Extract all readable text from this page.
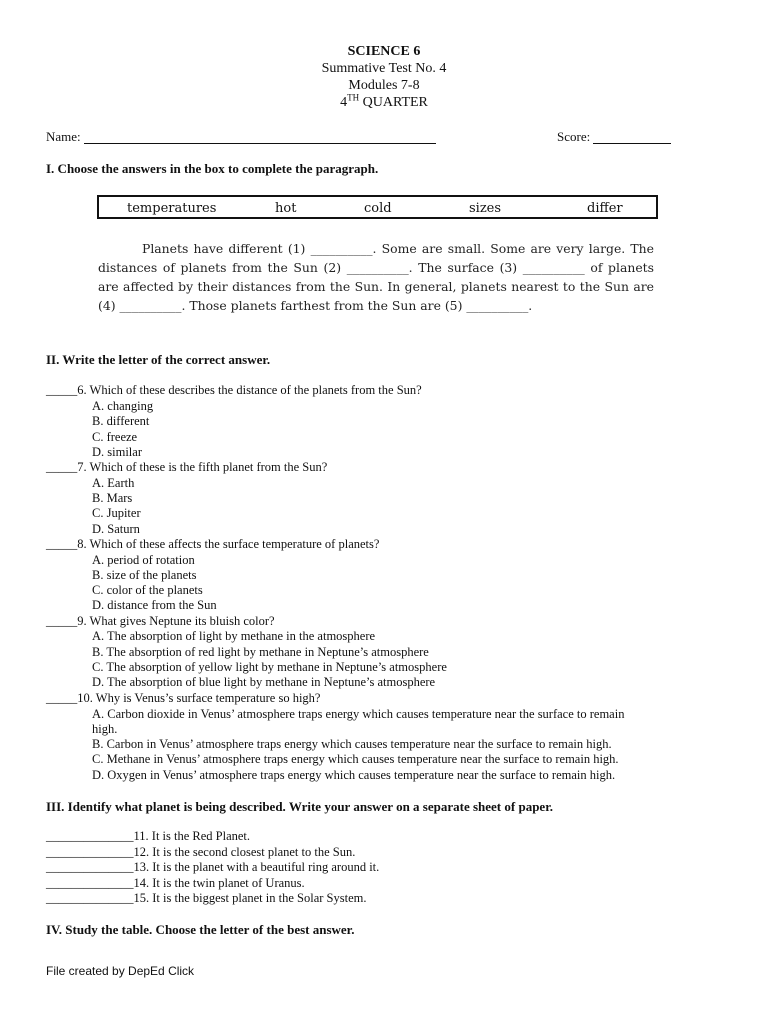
SCIENCE 6
Summative Test No. 4
Modules 7-8
4TH QUARTER
Name:	Score:
I. Choose the answers in the box to complete the paragraph.
temperatures	hot	cold	sizes	differ
Planets have different (1) __________. Some are small. Some are very large. The distances of planets from the Sun (2) __________. The surface (3) __________ of planets are affected by their distances from the Sun. In general, planets nearest to the Sun are (4) __________. Those planets farthest from the Sun are (5) __________.
II. Write the letter of the correct answer.
_____6. Which of these describes the distance of the planets from the Sun?
A. changing
B. different
C. freeze
D. similar
_____7. Which of these is the fifth planet from the Sun?
A. Earth
B. Mars
C. Jupiter
D. Saturn
_____8. Which of these affects the surface temperature of planets?
A. period of rotation
B. size of the planets
C. color of the planets
D. distance from the Sun
_____9. What gives Neptune its bluish color?
A. The absorption of light by methane in the atmosphere
B. The absorption of red light by methane in Neptune’s atmosphere
C. The absorption of yellow light by methane in Neptune’s atmosphere
D. The absorption of blue light by methane in Neptune’s atmosphere
_____10. Why is Venus’s surface temperature so high?
A. Carbon dioxide in Venus’ atmosphere traps energy which causes temperature near the surface to remain
high.
B. Carbon in Venus’ atmosphere traps energy which causes temperature near the surface to remain high.
C. Methane in Venus’ atmosphere traps energy which causes temperature near the surface to remain high.
D. Oxygen in Venus’ atmosphere traps energy which causes temperature near the surface to remain high.
III. Identify what planet is being described. Write your answer on a separate sheet of paper.
______________11. It is the Red Planet.
______________12. It is the second closest planet to the Sun.
______________13. It is the planet with a beautiful ring around it.
______________14. It is the twin planet of Uranus.
______________15. It is the biggest planet in the Solar System.
IV. Study the table. Choose the letter of the best answer.
File created by DepEd Click
